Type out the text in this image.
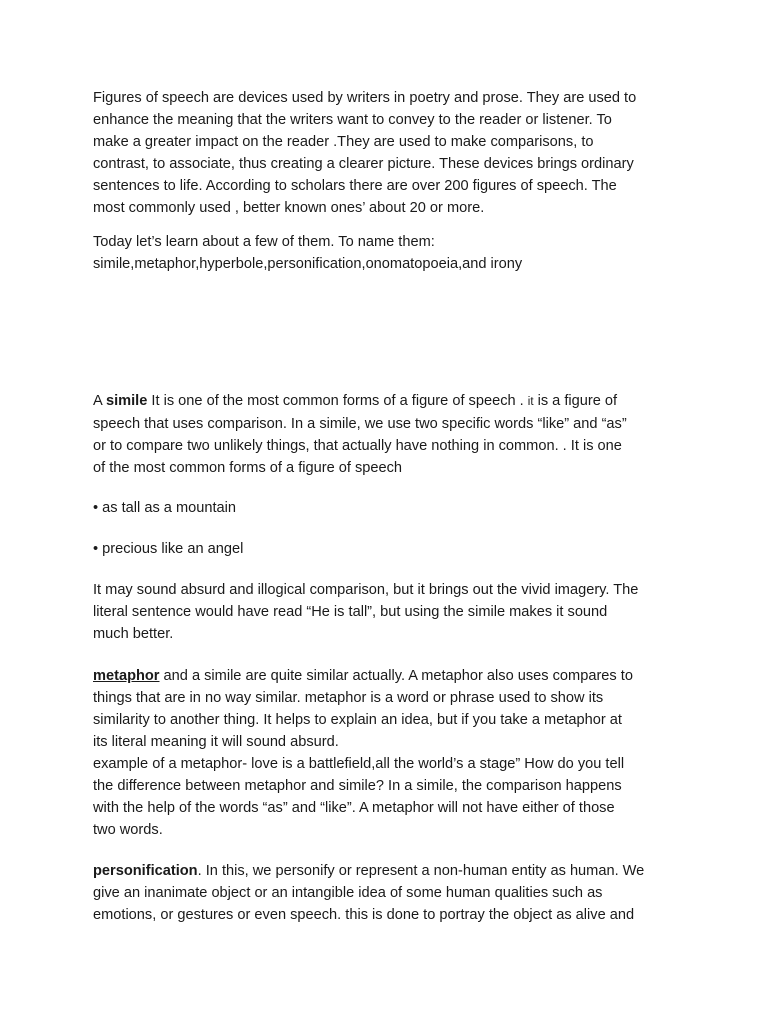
Figures of speech are devices used by writers in poetry and prose. They are used to
enhance the meaning that the writers want to convey to the reader or listener. To
make a greater impact on the reader .They are used to make comparisons, to
contrast, to associate, thus creating a clearer picture. These devices brings ordinary
sentences to life. According to scholars there are over 200 figures of speech. The
most commonly used , better known ones’ about 20 or more.

Today let’s learn about a few of them. To name them:
simile,metaphor,hyperbole,personification,onomatopoeia,and irony

A simile It is one of the most common forms of a figure of speech . it is a figure of
speech that uses comparison. In a simile, we use two specific words “like” and “as”
or to compare two unlikely things, that actually have nothing in common. . It is one
of the most common forms of a figure of speech

• as tall as a mountain

• precious like an angel

It may sound absurd and illogical comparison, but it brings out the vivid imagery. The
literal sentence would have read “He is tall”, but using the simile makes it sound
much better.

metaphor and a simile are quite similar actually. A metaphor also uses compares to
things that are in no way similar. metaphor is a word or phrase used to show its
similarity to another thing. It helps to explain an idea, but if you take a metaphor at
its literal meaning it will sound absurd.
example of a metaphor- love is a battlefield,all the world’s a stage” How do you tell
the difference between metaphor and simile? In a simile, the comparison happens
with the help of the words “as” and “like”. A metaphor will not have either of those
two words.

personification. In this, we personify or represent a non-human entity as human. We
give an inanimate object or an intangible idea of some human qualities such as
emotions, or gestures or even speech. this is done to portray the object as alive and
